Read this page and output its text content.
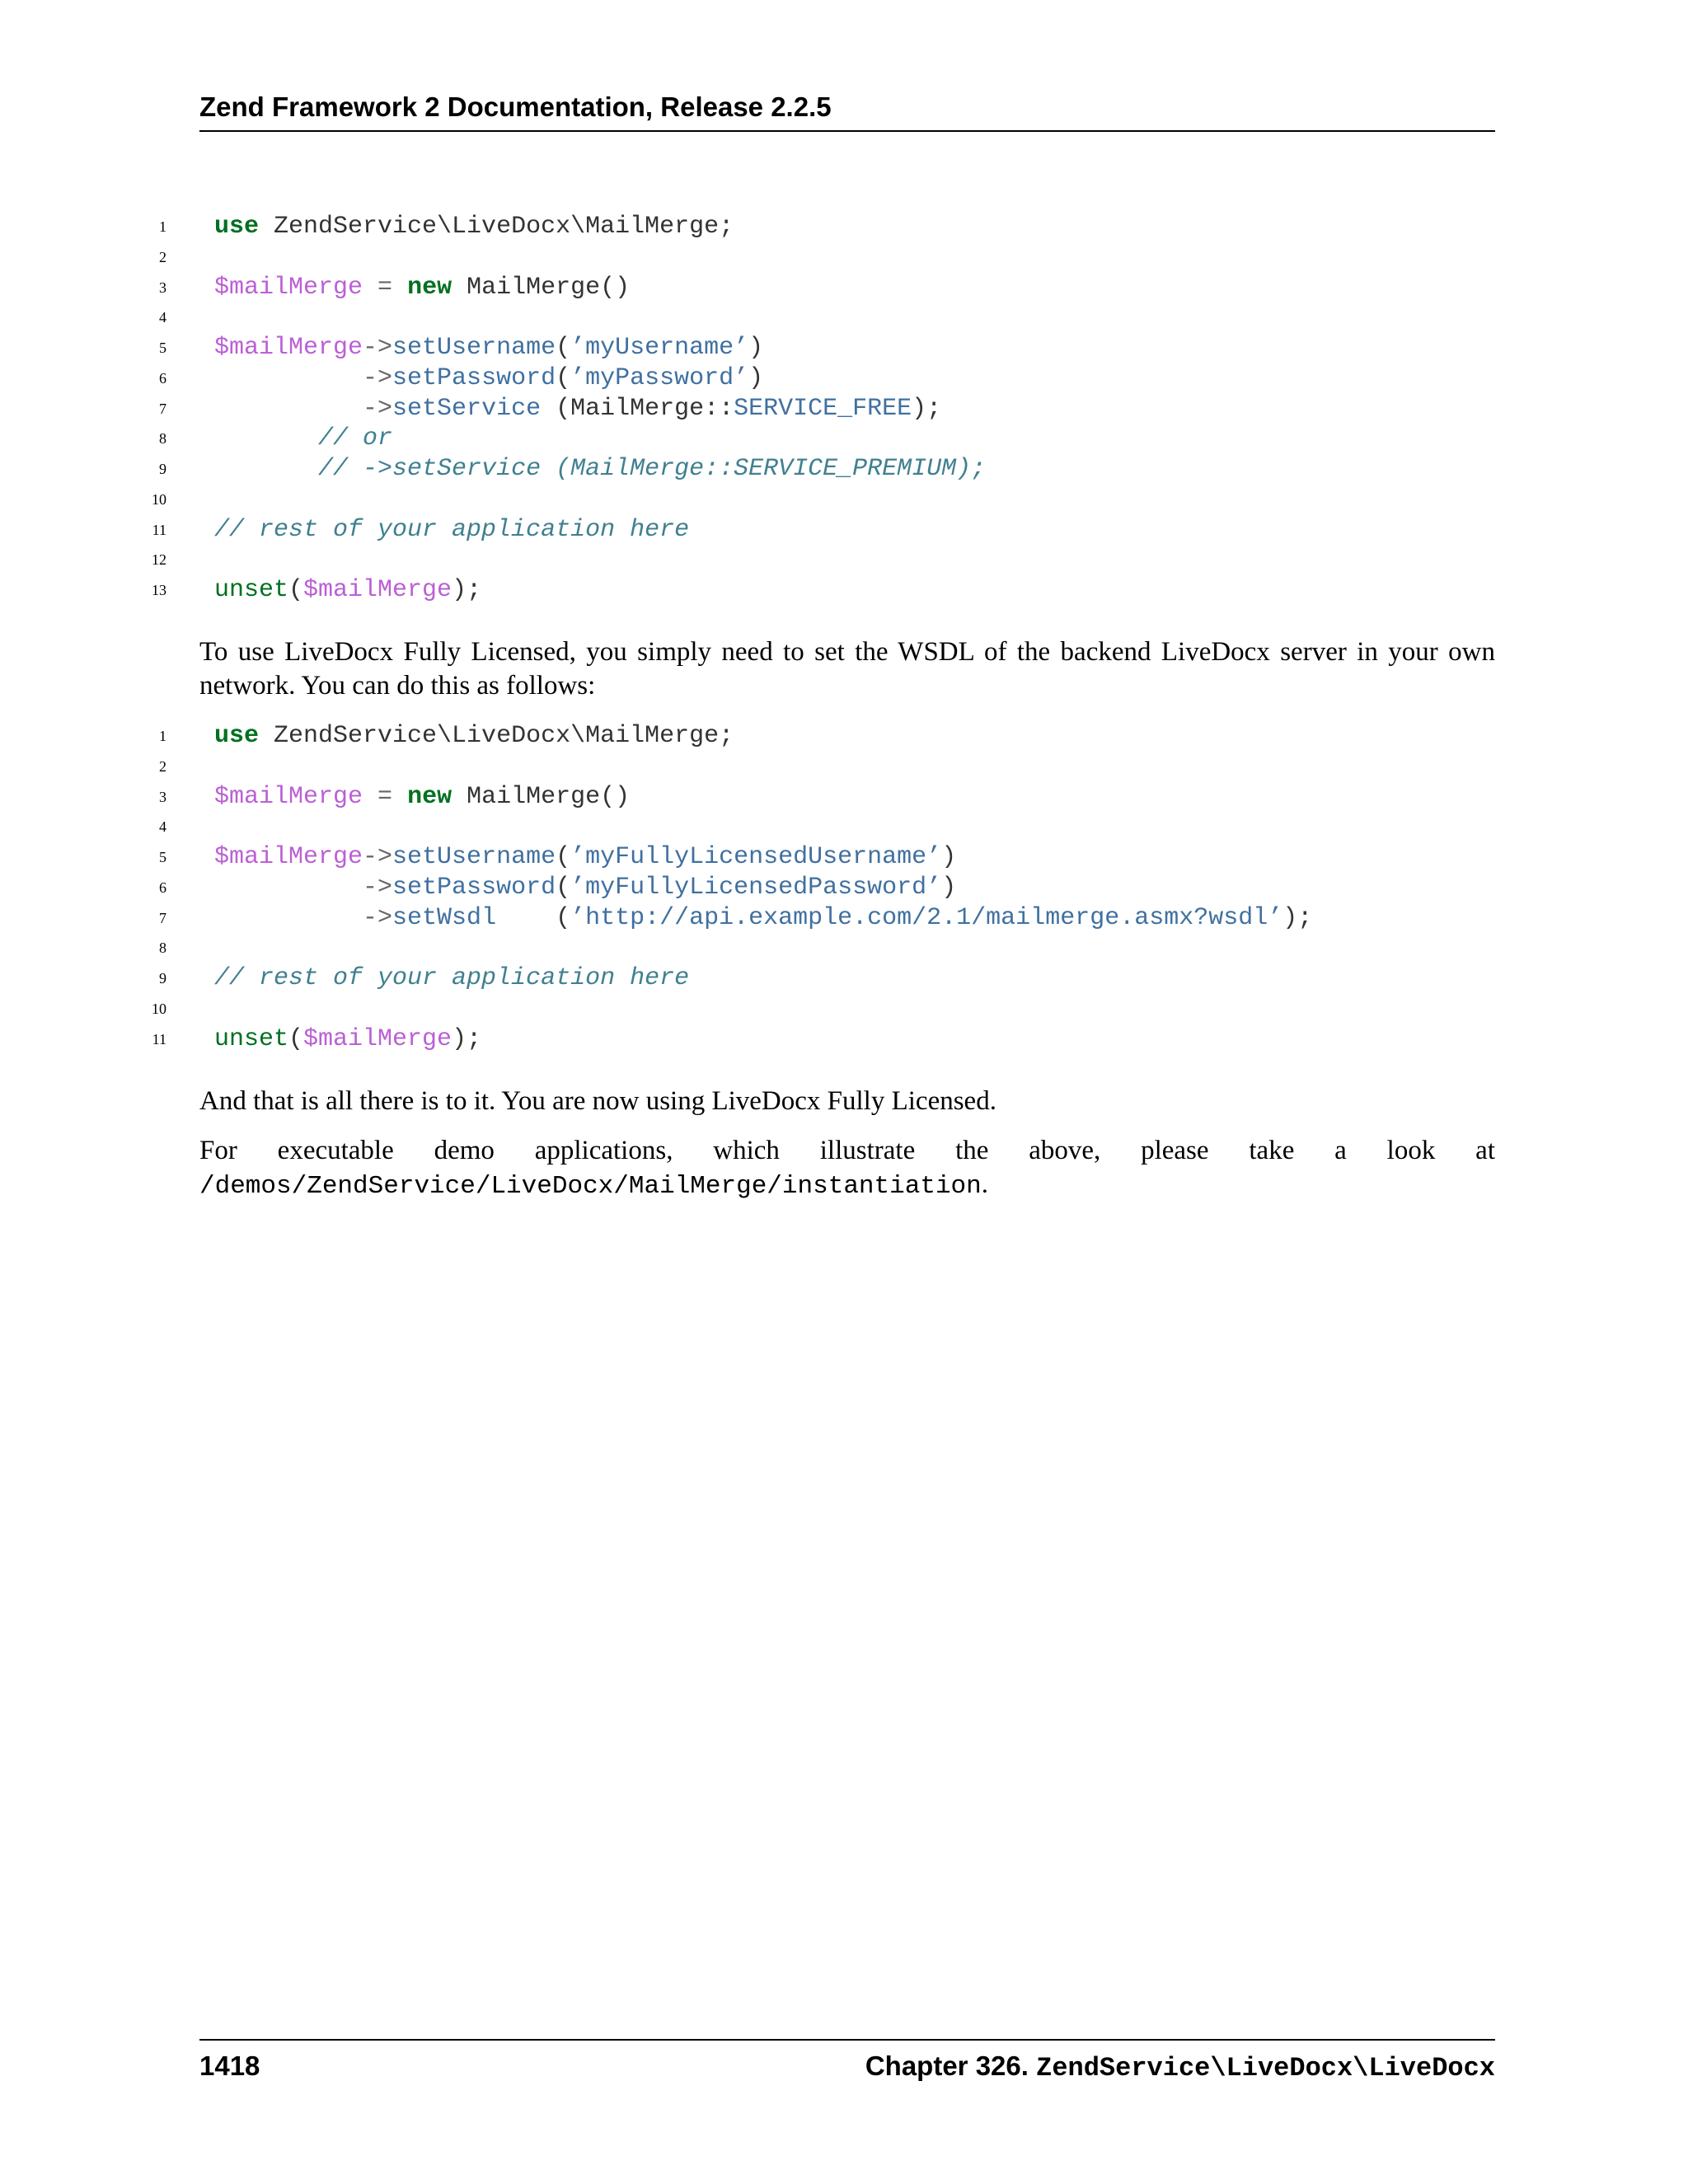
Zend Framework 2 Documentation, Release 2.2.5
1 use ZendService\LiveDocx\MailMerge;
2
3 $mailMerge = new MailMerge()
4
5 $mailMerge->setUsername(’myUsername’)
6	->setPassword(’myPassword’)
7	->setService (MailMerge::SERVICE_FREE);
8	// or
9	// ->setService (MailMerge::SERVICE_PREMIUM);
10
11 // rest of your application here
12
13 unset($mailMerge);
To use LiveDocx Fully Licensed, you simply need to set the WSDL of the backend LiveDocx server in your own network. You can do this as follows:
1 use ZendService\LiveDocx\MailMerge;
2
3 $mailMerge = new MailMerge()
4
5 $mailMerge->setUsername(’myFullyLicensedUsername’)
6	->setPassword(’myFullyLicensedPassword’)
7	->setWsdl    (’http://api.example.com/2.1/mailmerge.asmx?wsdl’);
8
9 // rest of your application here
10
11 unset($mailMerge);
And that is all there is to it. You are now using LiveDocx Fully Licensed.
For executable demo applications, which illustrate the above, please take a look at /demos/ZendService/LiveDocx/MailMerge/instantiation.
1418	Chapter 326. ZendService\LiveDocx\LiveDocx
